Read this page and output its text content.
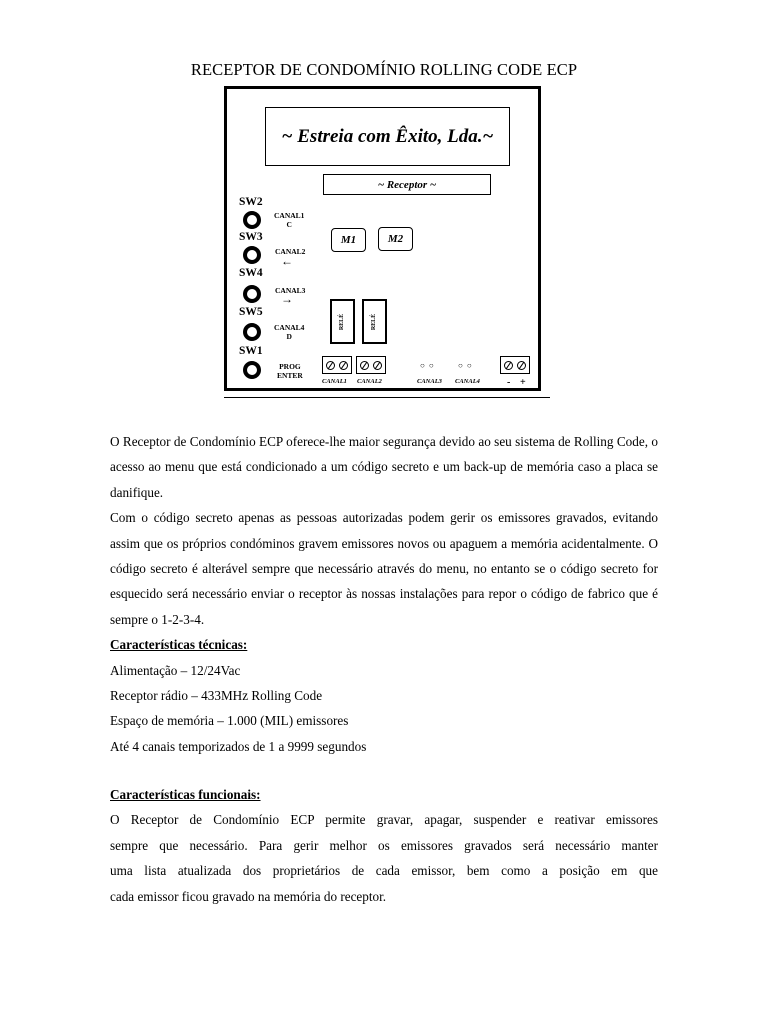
RECEPTOR DE CONDOMÍNIO ROLLING CODE ECP
~ Estreia com Êxito, Lda.~
~ Receptor ~
SW2
SW3
SW4
SW5
SW1
CANAL1
C
CANAL2
←
CANAL3
→
CANAL4
D
PROG
ENTER
M1	M2
RELÉ	RELÉ
○○	○○
CANAL1 CANAL2	CANAL3 CANAL4	- +

O Receptor de Condomínio ECP oferece-lhe maior segurança devido ao seu sistema de Rolling Code, o acesso ao menu que está condicionado a um código secreto e um back-up de memória caso a placa se danifique.

Com o código secreto apenas as pessoas autorizadas podem gerir os emissores gravados, evitando assim que os próprios condóminos gravem emissores novos ou apaguem a memória acidentalmente. O código secreto é alterável sempre que necessário através do menu, no entanto se o código secreto for esquecido será necessário enviar o receptor às nossas instalações para repor o código de fabrico que é sempre o 1-2-3-4.

Características técnicas:
Alimentação – 12/24Vac
Receptor rádio – 433MHz Rolling Code
Espaço de memória – 1.000 (MIL) emissores
Até 4 canais temporizados de 1 a 9999 segundos
Características funcionais:

O Receptor de Condomínio ECP permite gravar, apagar, suspender e reativar emissores

sempre que necessário. Para gerir melhor os emissores gravados será necessário manter

uma lista atualizada dos proprietários de cada emissor, bem como a posição em que

cada emissor ficou gravado na memória do receptor.
